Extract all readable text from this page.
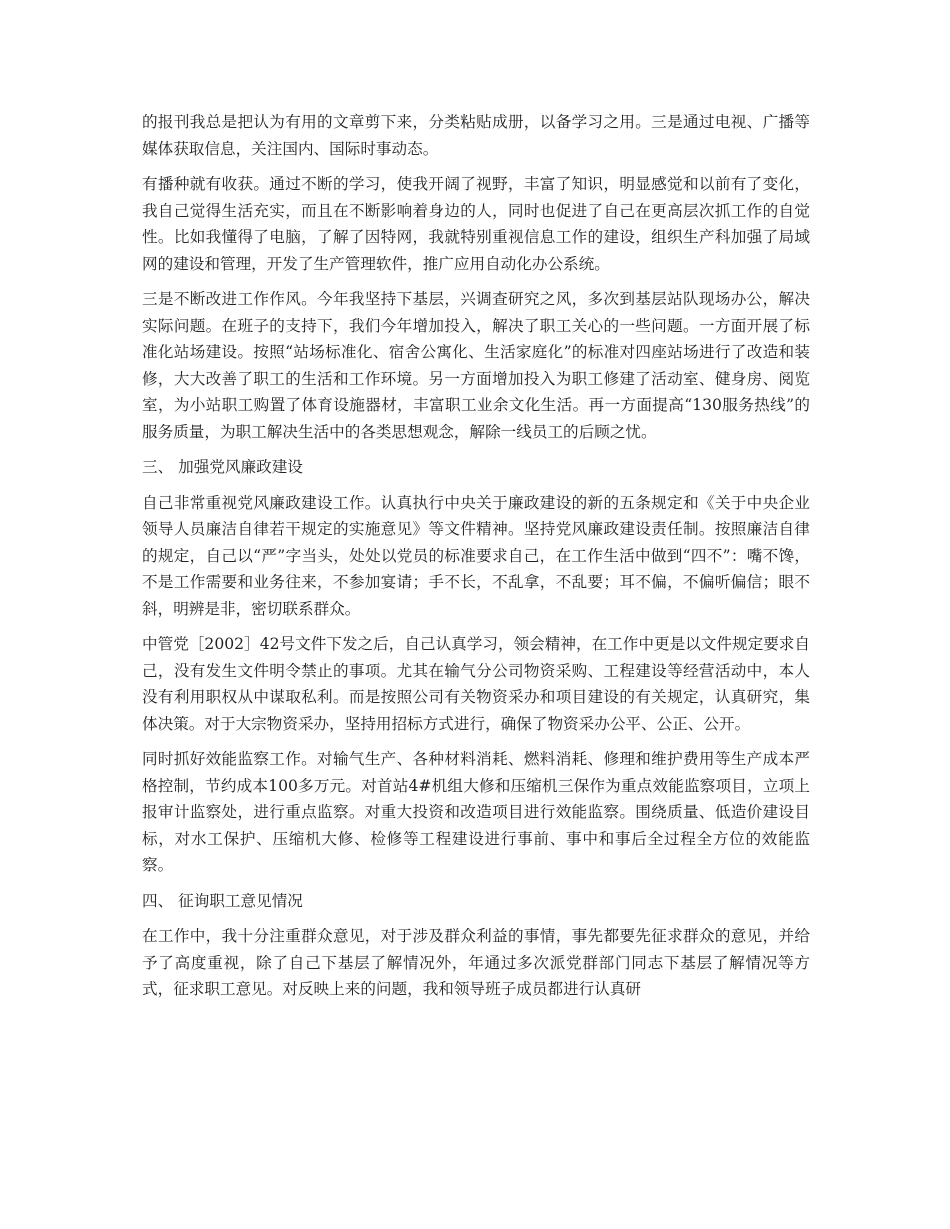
的报刊我总是把认为有用的文章剪下来，分类粘贴成册，以备学习之用。三是通过电视、广播等媒体获取信息，关注国内、国际时事动态。

有播种就有收获。通过不断的学习，使我开阔了视野，丰富了知识，明显感觉和以前有了变化，我自己觉得生活充实，而且在不断影响着身边的人，同时也促进了自己在更高层次抓工作的自觉性。比如我懂得了电脑，了解了因特网，我就特别重视信息工作的建设，组织生产科加强了局域网的建设和管理，开发了生产管理软件，推广应用自动化办公系统。

三是不断改进工作作风。今年我坚持下基层，兴调查研究之风，多次到基层站队现场办公，解决实际问题。在班子的支持下，我们今年增加投入，解决了职工关心的一些问题。一方面开展了标准化站场建设。按照“站场标准化、宿舍公寓化、生活家庭化”的标准对四座站场进行了改造和装修，大大改善了职工的生活和工作环境。另一方面增加投入为职工修建了活动室、健身房、阅览室，为小站职工购置了体育设施器材，丰富职工业余文化生活。再一方面提高“130服务热线”的服务质量，为职工解决生活中的各类思想观念，解除一线员工的后顾之忧。

三、 加强党风廉政建设

自己非常重视党风廉政建设工作。认真执行中央关于廉政建设的新的五条规定和《关于中央企业领导人员廉洁自律若干规定的实施意见》等文件精神。坚持党风廉政建设责任制。按照廉洁自律的规定，自己以“严”字当头，处处以党员的标准要求自己，在工作生活中做到“四不”：嘴不馋，不是工作需要和业务往来，不参加宴请；手不长，不乱拿，不乱要；耳不偏，不偏听偏信；眼不斜，明辨是非，密切联系群众。

中管党［2002］42号文件下发之后，自己认真学习，领会精神，在工作中更是以文件规定要求自己，没有发生文件明令禁止的事项。尤其在输气分公司物资采购、工程建设等经营活动中，本人没有利用职权从中谋取私利。而是按照公司有关物资采办和项目建设的有关规定，认真研究，集体决策。对于大宗物资采办，坚持用招标方式进行，确保了物资采办公平、公正、公开。

同时抓好效能监察工作。对输气生产、各种材料消耗、燃料消耗、修理和维护费用等生产成本严格控制，节约成本100多万元。对首站4#机组大修和压缩机三保作为重点效能监察项目，立项上报审计监察处，进行重点监察。对重大投资和改造项目进行效能监察。围绕质量、低造价建设目标，对水工保护、压缩机大修、检修等工程建设进行事前、事中和事后全过程全方位的效能监察。

四、 征询职工意见情况

在工作中，我十分注重群众意见，对于涉及群众利益的事情，事先都要先征求群众的意见，并给予了高度重视，除了自己下基层了解情况外，年通过多次派党群部门同志下基层了解情况等方式，征求职工意见。对反映上来的问题，我和领导班子成员都进行认真研
